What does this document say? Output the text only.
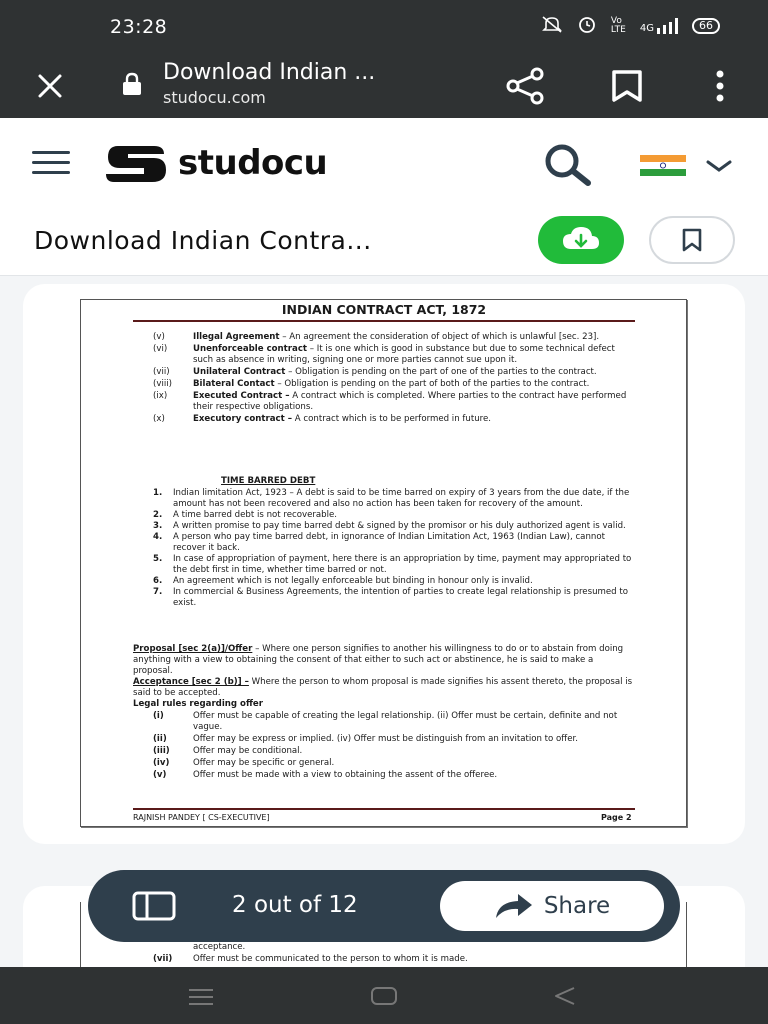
23:28	Vo
LTE 4G	66
Download Indian ...
studocu.com
studocu
Download Indian Contra...
INDIAN CONTRACT ACT, 1872
(v)	Illegal Agreement – An agreement the consideration of object of which is unlawful [sec. 23].
(vi)	Unenforceable contract – It is one which is good in substance but due to some technical defect such as absence in writing, signing one or more parties cannot sue upon it.
(vii)	Unilateral Contract – Obligation is pending on the part of one of the parties to the contract.
(viii)	Bilateral Contact – Obligation is pending on the part of both of the parties to the contract.
(ix)	Executed Contract – A contract which is completed. Where parties to the contract have performed their respective obligations.
(x)	Executory contract – A contract which is to be performed in future.
TIME BARRED DEBT
1.	Indian limitation Act, 1923 – A debt is said to be time barred on expiry of 3 years from the due date, if the amount has not been recovered and also no action has been taken for recovery of the amount.
2.	A time barred debt is not recoverable.
3.	A written promise to pay time barred debt & signed by the promisor or his duly authorized agent is valid.
4.	A person who pay time barred debt, in ignorance of Indian Limitation Act, 1963 (Indian Law), cannot recover it back.
5.	In case of appropriation of payment, here there is an appropriation by time, payment may appropriated to the debt first in time, whether time barred or not.
6.	An agreement which is not legally enforceable but binding in honour only is invalid.
7.	In commercial & Business Agreements, the intention of parties to create legal relationship is presumed to exist.
Proposal [sec 2(a)]/Offer – Where one person signifies to another his willingness to do or to abstain from doing anything with a view to obtaining the consent of that either to such act or abstinence, he is said to make a proposal.
Acceptance [sec 2 (b)] – Where the person to whom proposal is made signifies his assent thereto, the proposal is said to be accepted.
Legal rules regarding offer
(i)	Offer must be capable of creating the legal relationship. (ii) Offer must be certain, definite and not vague.
(ii)	Offer may be express or implied. (iv) Offer must be distinguish from an invitation to offer.
(iii)	Offer may be conditional.
(iv)	Offer may be specific or general.
(v)	Offer must be made with a view to obtaining the assent of the offeree.
RAJNISH PANDEY [ CS-EXECUTIVE]	Page 2
acceptance.
(vii)	Offer must be communicated to the person to whom it is made.
2 out of 12	Share
